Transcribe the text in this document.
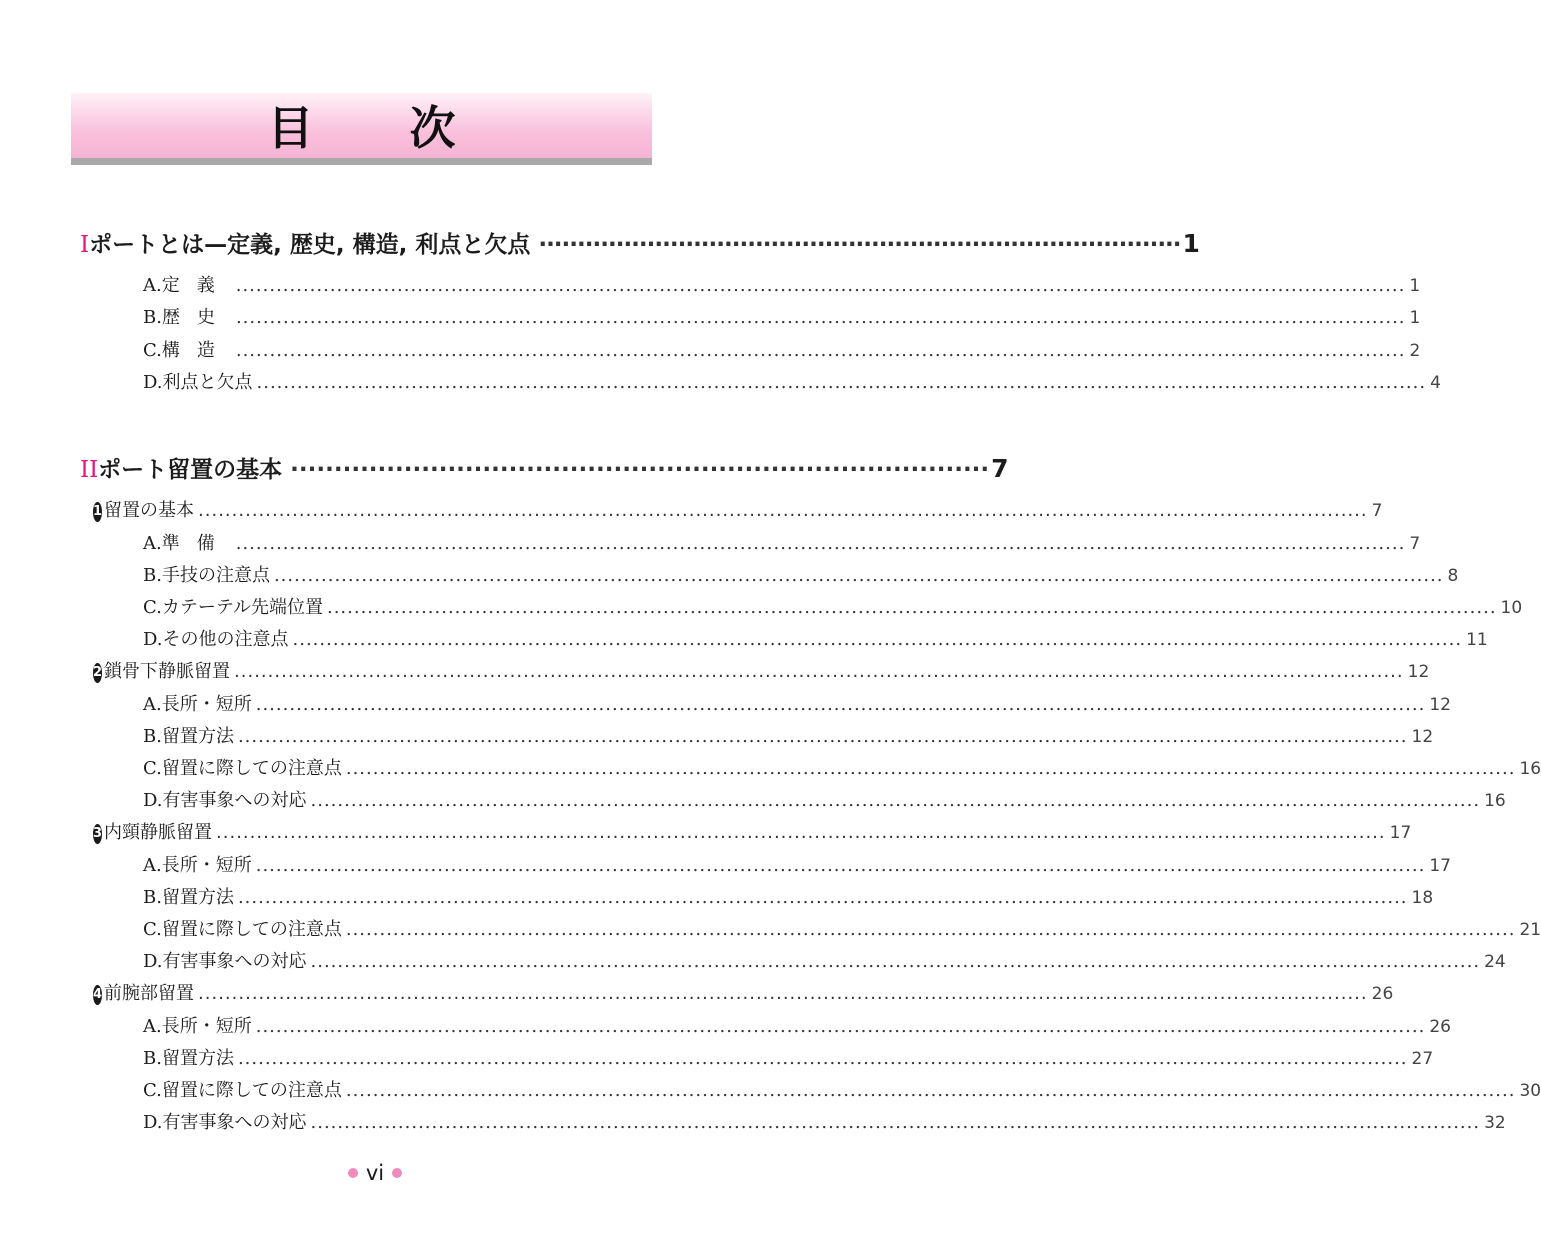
目 次
I ポートとは—定義, 歴史, 構造, 利点と欠点	····· ··· 1
A. 定義 .....	1
B. 歴史 .....	1
C. 構造 .....	2
D. 利点と欠点 .....	4
II ポート留置の基本 ·····	7
1 留置の基本 .....	7
A. 準備 .....	7
B. 手技の注意点 .....	8
C. カテーテル先端位置 .....	10
D. その他の注意点 .....	11
2 鎖骨下静脈留置 .....	12
A. 長所・短所 .....	12
B. 留置方法 .....	12
C. 留置に際しての注意点 .....	16
D. 有害事象への対応 .....	16
3 内頸静脈留置 .....	17
A. 長所・短所 .....	17
B. 留置方法 .....	18
C. 留置に際しての注意点 .....	21
D. 有害事象への対応 .....	24
4 前腕部留置 .....	26
A. 長所・短所 .....	26
B. 留置方法 .....	27
C. 留置に際しての注意点 .....	30
D. 有害事象への対応 .....	32
vi
